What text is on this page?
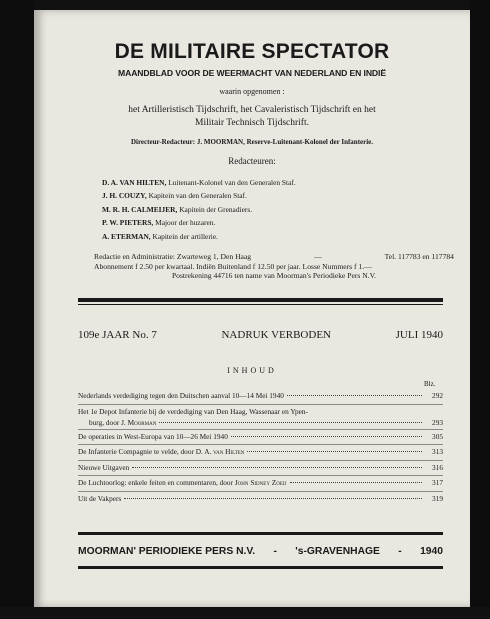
DE MILITAIRE SPECTATOR
MAANDBLAD VOOR DE WEERMACHT VAN NEDERLAND EN INDIË
waarin opgenomen :
het Artilleristisch Tijdschrift, het Cavaleristisch Tijdschrift en het
Militair Technisch Tijdschrift.
Directeur-Redacteur: J. MOORMAN, Reserve-Luitenant-Kolonel der Infanterie.
Redacteuren:
D. A. VAN HILTEN, Luitenant-Kolonel van den Generalen Staf.
J. H. COUZY, Kapitein van den Generalen Staf.
M. R. H. CALMEIJER, Kapitein der Grenadiers.
P. W. PIETERS, Majoor der huzaren.
A. ETERMAN, Kapitein der artillerie.
Redactie en Administratie: Zwarteweg 1, Den Haag	—	Tel. 117783 en 117784
Abonnement f 2.50 per kwartaal. Indiën Buitenland f 12.50 per jaar. Losse Nummers f 1.—
Postrekening 44716 ten name van Moorman's Periodieke Pers N.V.
109e JAAR No. 7	NADRUK VERBODEN	JULI 1940
INHOUD
Blz.
Nederlands verdediging tegen den Duitschen aanval 10—14 Mei 1940	292
Het 1e Depot Infanterie bij de verdediging van Den Haag, Wassenaar en Ypen-
burg, door J. Moorman	293
De operaties in West-Europa van 10—26 Mei 1940	305
De Infanterie Compagnie te velde, door D. A. van Hilten	313
Nieuwe Uitgaven	316
De Luchtoorlog: enkele feiten en commentaren, door John Sidney Zoeij	317
Uit de Vakpers	319
MOORMAN' PERIODIEKE PERS N.V. - 's-GRAVENHAGE - 1940
